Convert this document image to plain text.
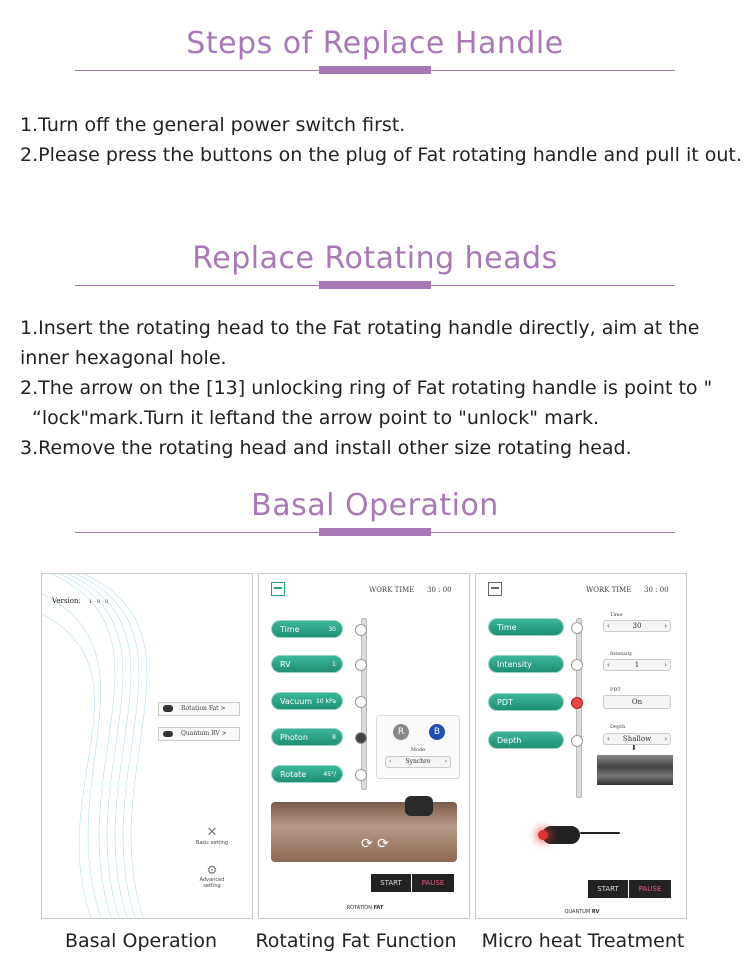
Steps of Replace Handle
1.Turn off the general power switch first.
2.Please press the buttons on the plug of Fat rotating handle and pull it out.
Replace Rotating heads
1.Insert the rotating head to the Fat rotating handle directly, aim at the
inner hexagonal hole.
2.The arrow on the [13] unlocking ring of Fat rotating handle is point to "
“lock"mark.Turn it leftand the arrow point to "unlock" mark.
3.Remove the rotating head and install other size rotating head.
Basal Operation
Version: 1 - 0 - 0
Rotation Fat >
Quantum RV >
✕
Basic setting
⚙
Advanced
setting
WORK TIME 30 : 00
Time	30
RV	1
Vacuum 10 kPa
Photon	8
Rotate	45°/
R	B
Mode
‹ Synchro ›
⟳ ⟳
START	PAUSE
ROTATION FAT
WORK TIME 30 : 00
Time
Intensity
PDT
Depth
Time
‹	30	›
Intensity
‹	1	›
PDT
On
Depth
‹ Shallow ›
⬇
START	PAUSE
QUANTUM RV
Basal Operation	Rotating Fat Function	Micro heat Treatment
